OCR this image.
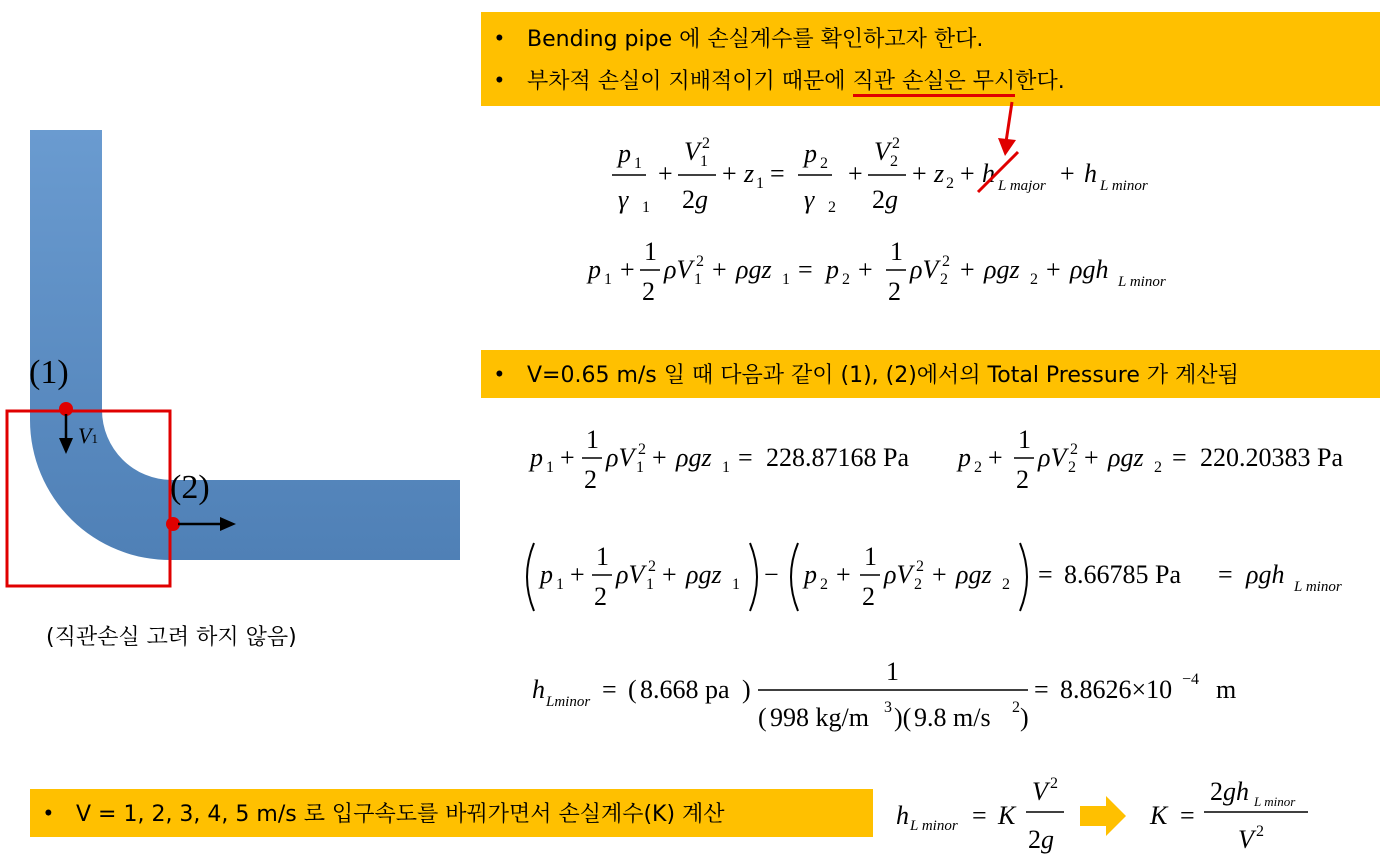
• Bending pipe 에 손실계수를 확인하고자 한다.
• 부차적 손실이 지배적이기 때문에 직관 손실은 무시한다.
p 1
γ 1
+
V 1
2
2g
+ z 1 =
p 2
γ 2
+
V 2
2
2g
+ z 2 + h L major + h L minor
p 1 +
1
2
ρV 1
2 + ρgz 1 = p 2 +
1
2
ρV 2
2 + ρgz 2 + ρgh L minor
• V=0.65 m/s 일 때 다음과 같이 (1), (2)에서의 Total Pressure 가 계산됨
p 1 +
1
2
ρV 1
2 + ρgz 1 = 228.87168 Pa p 2 +
1
2
ρV 2
2 + ρgz 2 = 220.20383 Pa
p 1 +
1
2
ρV 1
2 + ρgz 1 − p 2 +
1
2
ρV 2
2 + ρgz 2 = 8.66785 Pa = ρgh L minor
h Lminor = ( 8.668 pa )
1
( 998 kg/m 3 )( 9.8 m/s 2 )
= 8.8626×10 −4 m
• V = 1, 2, 3, 4, 5 m/s 로 입구속도를 바꿔가면서 손실계수(K) 계산	h L minor = K
V 2
2g
K =
2gh L minor
V 2
(1)
(2)
V1
(직관손실 고려 하지 않음)
